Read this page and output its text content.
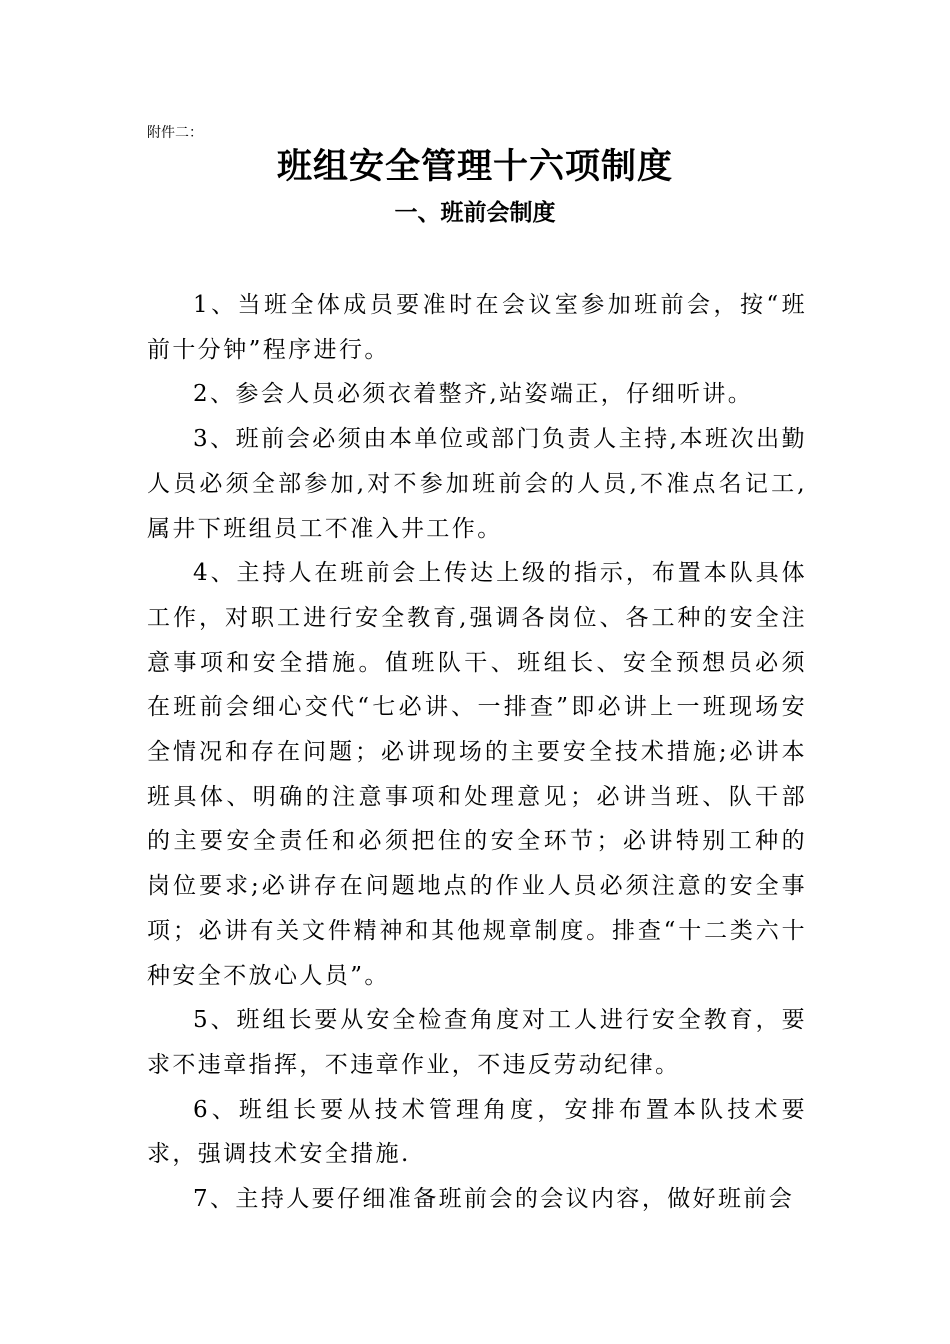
附件二：
班组安全管理十六项制度
一、班前会制度

1、当班全体成员要准时在会议室参加班前会，按“班前十分钟”程序进行。

2、参会人员必须衣着整齐,站姿端正，仔细听讲。

3、班前会必须由本单位或部门负责人主持,本班次出勤人员必须全部参加,对不参加班前会的人员,不准点名记工,属井下班组员工不准入井工作。

4、主持人在班前会上传达上级的指示，布置本队具体工作，对职工进行安全教育,强调各岗位、各工种的安全注意事项和安全措施。值班队干、班组长、安全预想员必须在班前会细心交代“七必讲、一排查”即必讲上一班现场安全情况和存在问题；必讲现场的主要安全技术措施;必讲本班具体、明确的注意事项和处理意见；必讲当班、队干部的主要安全责任和必须把住的安全环节；必讲特别工种的岗位要求;必讲存在问题地点的作业人员必须注意的安全事项；必讲有关文件精神和其他规章制度。排查“十二类六十种安全不放心人员”。

5、班组长要从安全检查角度对工人进行安全教育，要求不违章指挥，不违章作业，不违反劳动纪律。

6、班组长要从技术管理角度，安排布置本队技术要求，强调技术安全措施.

7、主持人要仔细准备班前会的会议内容，做好班前会
